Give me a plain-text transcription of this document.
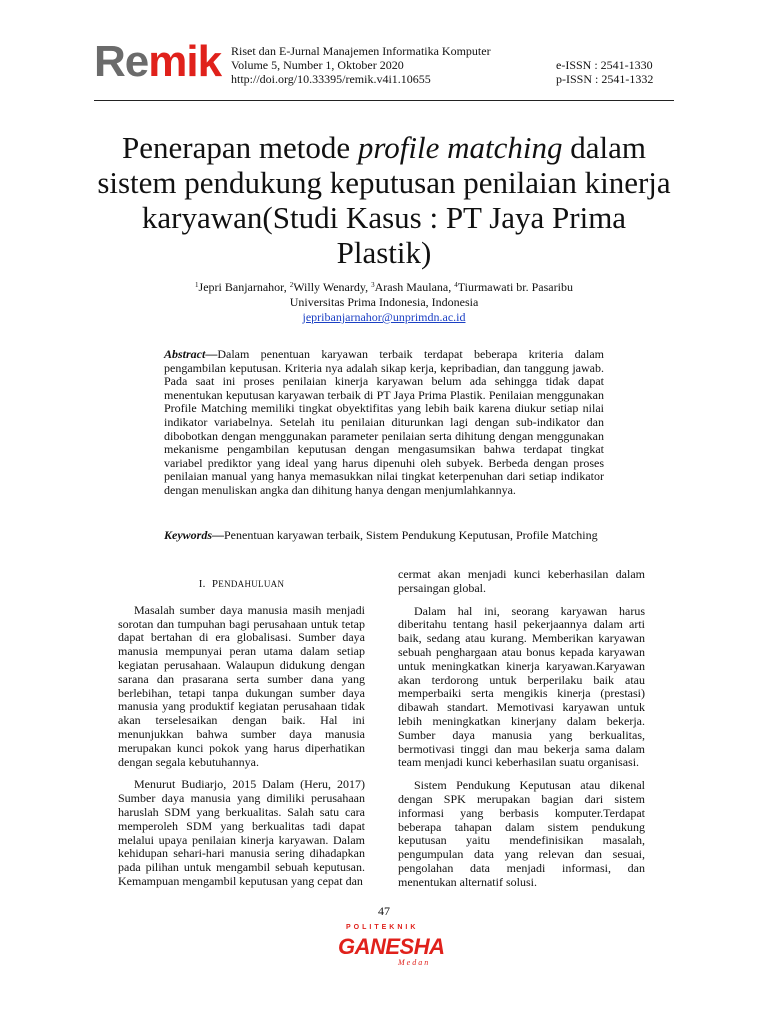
Remik Riset dan E-Jurnal Manajemen Informatika Komputer
Volume 5, Number 1, Oktober 2020
http://doi.org/10.33395/remik.v4i1.10655
e-ISSN : 2541-1330
p-ISSN : 2541-1332
Penerapan metode profile matching dalam sistem pendukung keputusan penilaian kinerja karyawan(Studi Kasus : PT Jaya Prima Plastik)
$^1$Jepri Banjarnahor, $^2$Willy Wenardy, $^3$Arash Maulana, $^4$Tiurmawati br. Pasaribu
Universitas Prima Indonesia, Indonesia
jepribanjarnahor@unprimdn.ac.id
Abstract—Dalam penentuan karyawan terbaik terdapat beberapa kriteria dalam pengambilan keputusan. Kriteria nya adalah sikap kerja, kepribadian, dan tanggung jawab. Pada saat ini proses penilaian kinerja karyawan belum ada sehingga tidak dapat menentukan keputusan karyawan terbaik di PT Jaya Prima Plastik. Penilaian menggunakan Profile Matching memiliki tingkat obyektifitas yang lebih baik karena diukur setiap nilai indikator variabelnya. Setelah itu penilaian diturunkan lagi dengan sub-indikator dan dibobotkan dengan menggunakan parameter penilaian serta dihitung dengan menggunakan mekanisme pengambilan keputusan dengan mengasumsikan bahwa terdapat tingkat variabel prediktor yang ideal yang harus dipenuhi oleh subyek. Berbeda dengan proses penilaian manual yang hanya memasukkan nilai tingkat keterpenuhan dari setiap indikator dengan menuliskan angka dan dihitung hanya dengan menjumlahkannya.
Keywords—Penentuan karyawan terbaik, Sistem Pendukung Keputusan, Profile Matching
I. PENDAHULUAN

Masalah sumber daya manusia masih menjadi sorotan dan tumpuhan bagi perusahaan untuk tetap dapat bertahan di era globalisasi. Sumber daya manusia mempunyai peran utama dalam setiap kegiatan perusahaan. Walaupun didukung dengan sarana dan prasarana serta sumber dana yang berlebihan, tetapi tanpa dukungan sumber daya manusia yang produktif kegiatan perusahaan tidak akan terselesaikan dengan baik. Hal ini menunjukkan bahwa sumber daya manusia merupakan kunci pokok yang harus diperhatikan dengan segala kebutuhannya.

Menurut Budiarjo, 2015 Dalam (Heru, 2017) Sumber daya manusia yang dimiliki perusahaan haruslah SDM yang berkualitas. Salah satu cara memperoleh SDM yang berkualitas tadi dapat melalui upaya penilaian kinerja karyawan. Dalam kehidupan sehari-hari manusia sering dihadapkan pada pilihan untuk mengambil sebuah keputusan. Kemampuan mengambil keputusan yang cepat dan

cermat akan menjadi kunci keberhasilan dalam persaingan global.

Dalam hal ini, seorang karyawan harus diberitahu tentang hasil pekerjaannya dalam arti baik, sedang atau kurang. Memberikan karyawan sebuah penghargaan atau bonus kepada karyawan untuk meningkatkan kinerja karyawan.Karyawan akan terdorong untuk berperilaku baik atau memperbaiki serta mengikis kinerja (prestasi) dibawah standart. Memotivasi karyawan untuk lebih meningkatkan kinerjany dalam bekerja. Sumber daya manusia yang berkualitas, bermotivasi tinggi dan mau bekerja sama dalam team menjadi kunci keberhasilan suatu organisasi.

Sistem Pendukung Keputusan atau dikenal dengan SPK merupakan bagian dari sistem informasi yang berbasis komputer.Terdapat beberapa tahapan dalam sistem pendukung keputusan yaitu mendefinisikan masalah, pengumpulan data yang relevan dan sesuai, pengolahan data menjadi informasi, dan menentukan alternatif solusi.

47
POLITEKNIK
GANESHA
Medan
